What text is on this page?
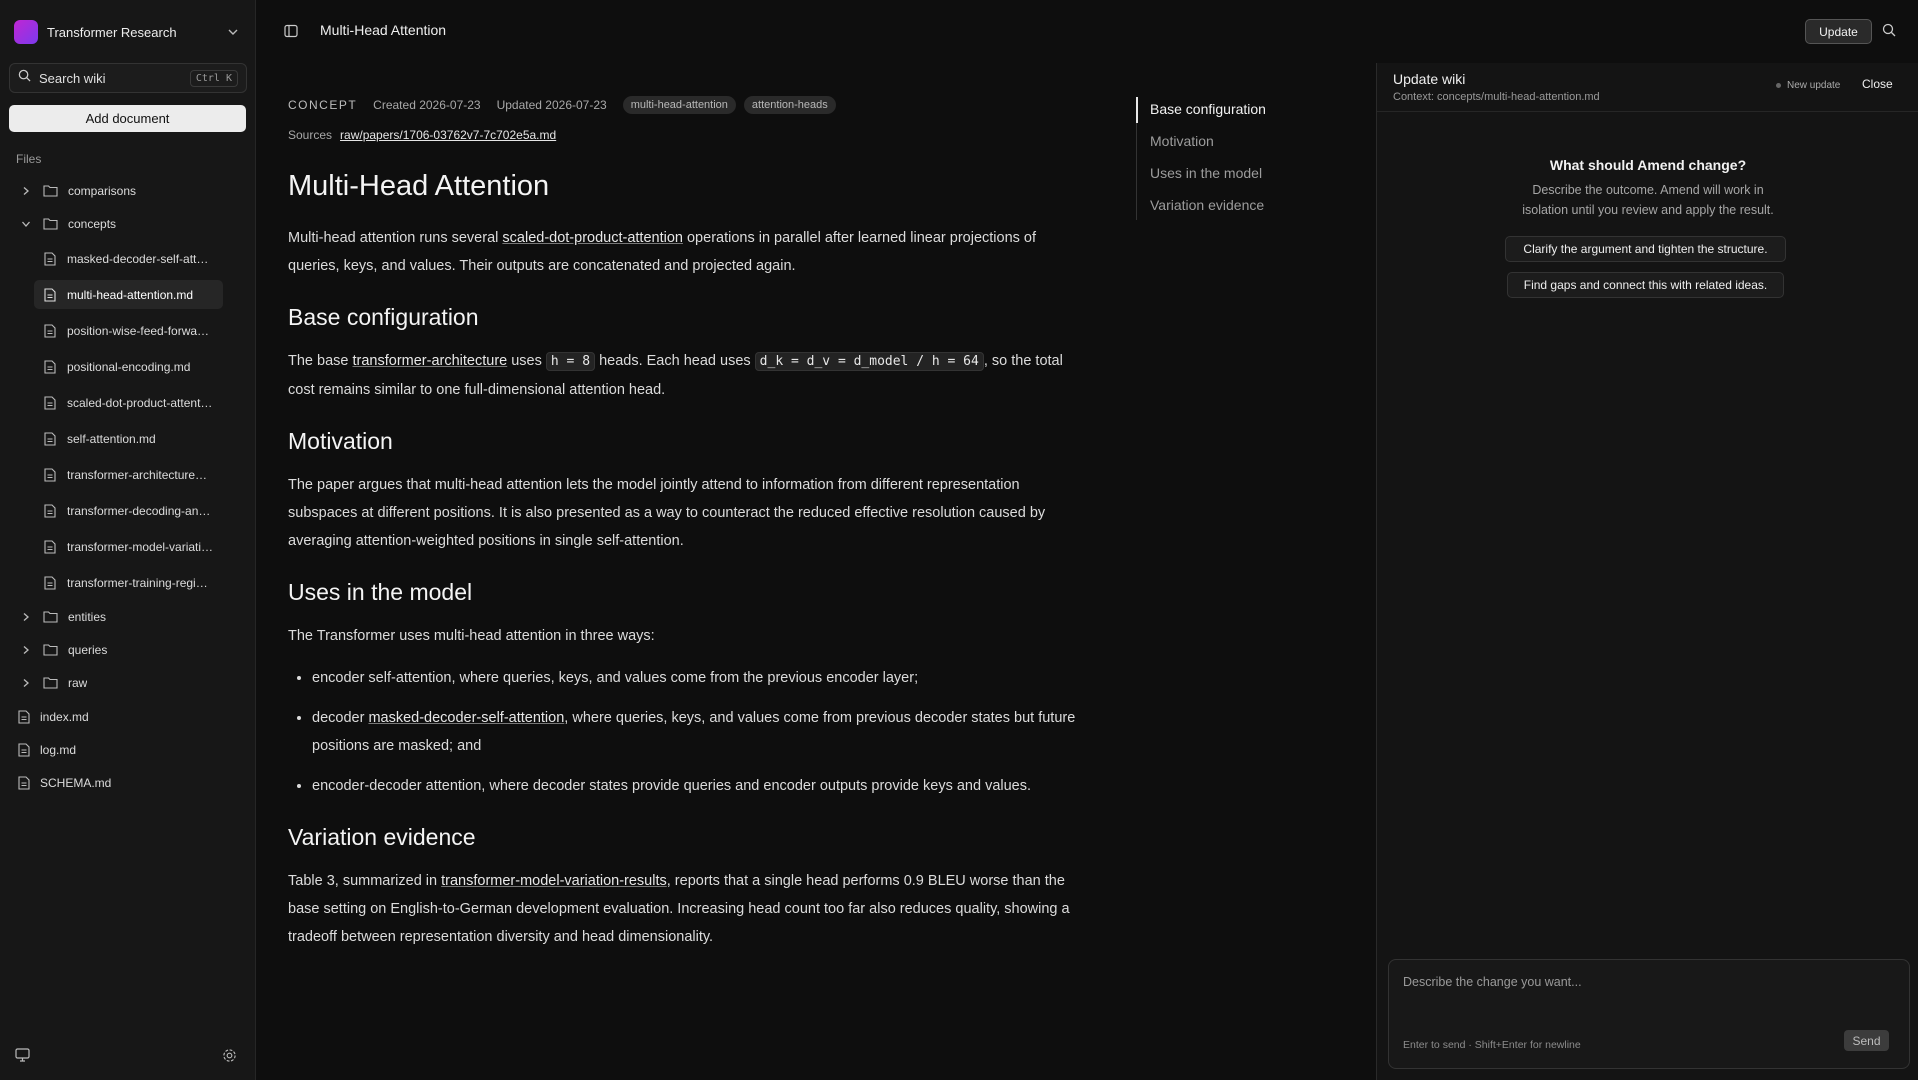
Transformer Research
Search wiki	Ctrl K
Add document
Files
comparisons
concepts
masked-decoder-self-att…
multi-head-attention.md
position-wise-feed-forwa…
positional-encoding.md
scaled-dot-product-attent…
self-attention.md
transformer-architecture…
transformer-decoding-an…
transformer-model-variati…
transformer-training-regi…
entities
queries
raw
index.md
log.md
SCHEMA.md
Multi-Head Attention	Update
CONCEPT Created 2026-07-23 Updated 2026-07-23	multi-head-attention	attention-heads
Sources raw/papers/1706-03762v7-7c702e5a.md
Multi-Head Attention

Multi-head attention runs several scaled-dot-product-attention operations in parallel after learned linear projections of queries, keys, and values. Their outputs are concatenated and projected again.

Base configuration

The base transformer-architecture uses h = 8 heads. Each head uses d_k = d_v = d_model / h = 64 , so the total cost remains similar to one full-dimensional attention head.

Motivation

The paper argues that multi-head attention lets the model jointly attend to information from different representation subspaces at different positions. It is also presented as a way to counteract the reduced effective resolution caused by averaging attention-weighted positions in single self-attention.

Uses in the model

The Transformer uses multi-head attention in three ways:

• encoder self-attention, where queries, keys, and values come from the previous encoder layer;
• decoder masked-decoder-self-attention, where queries, keys, and values come from previous decoder states but future positions are masked; and
• encoder-decoder attention, where decoder states provide queries and encoder outputs provide keys and values.
Variation evidence

Table 3, summarized in transformer-model-variation-results, reports that a single head performs 0.9 BLEU worse than the base setting on English-to-German development evaluation. Increasing head count too far also reduces quality, showing a tradeoff between representation diversity and head dimensionality.

Base configuration
Motivation
Uses in the model
Variation evidence
Update wiki
Context: concepts/multi-head-attention.md
New update Close
What should Amend change?
Describe the outcome. Amend will work in isolation until you review and apply the result.
Clarify the argument and tighten the structure.
Find gaps and connect this with related ideas.
Describe the change you want...
Enter to send · Shift+Enter for newline	Send
